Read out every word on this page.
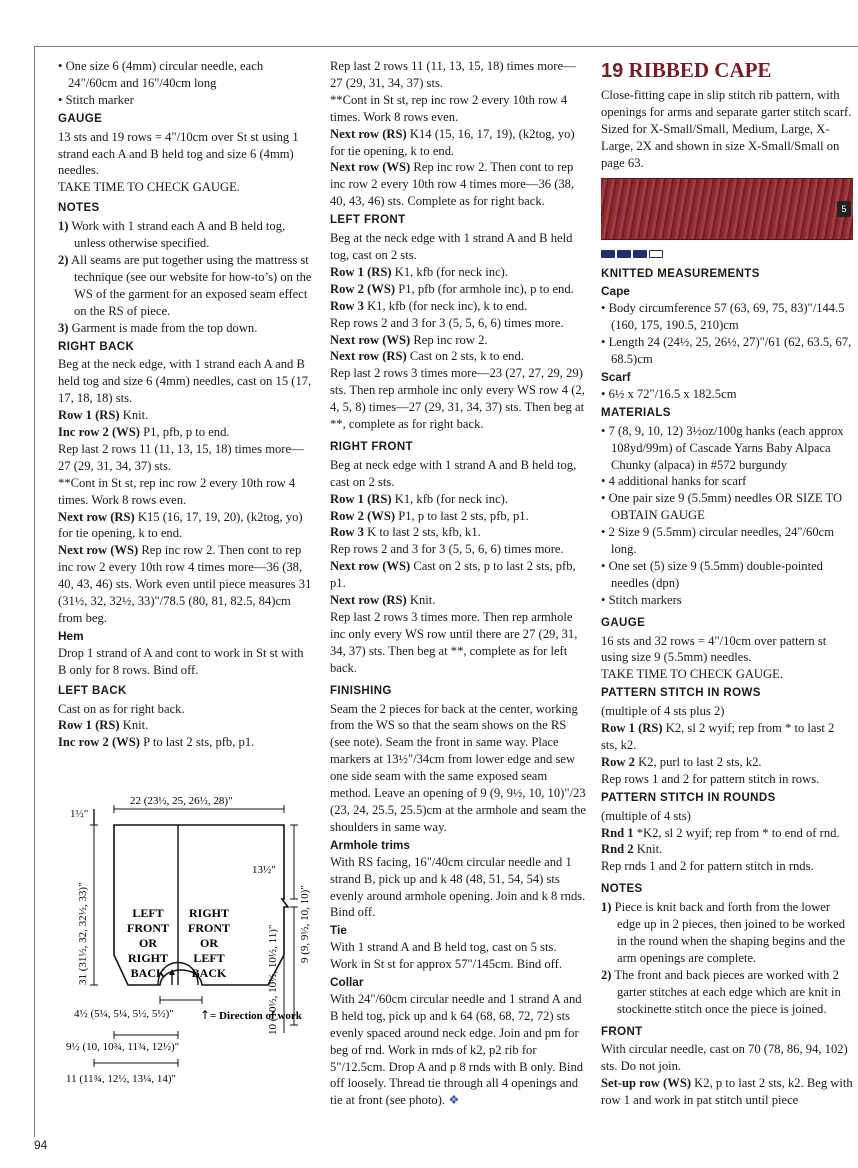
• One size 6 (4mm) circular needle, each 24"/60cm and 16"/40cm long

• Stitch marker

GAUGE

13 sts and 19 rows = 4"/10cm over St st using 1 strand each A and B held tog and size 6 (4mm) needles.

TAKE TIME TO CHECK GAUGE.

NOTES

1) Work with 1 strand each A and B held tog, unless otherwise specified.

2) All seams are put together using the mattress st technique (see our website for how-to’s) on the WS of the garment for an exposed seam effect on the RS of piece.

3) Garment is made from the top down.

RIGHT BACK

Beg at the neck edge, with 1 strand each A and B held tog and size 6 (4mm) needles, cast on 15 (17, 17, 18, 18) sts.

Row 1 (RS) Knit.

Inc row 2 (WS) P1, pfb, p to end.

Rep last 2 rows 11 (11, 13, 15, 18) times more—27 (29, 31, 34, 37) sts.

**Cont in St st, rep inc row 2 every 10th row 4 times. Work 8 rows even.

Next row (RS) K15 (16, 17, 19, 20), (k2tog, yo) for tie opening, k to end.

Next row (WS) Rep inc row 2. Then cont to rep inc row 2 every 10th row 4 times more—36 (38, 40, 43, 46) sts. Work even until piece measures 31 (31½, 32, 32½, 33)"/78.5 (80, 81, 82.5, 84)cm from beg.

Hem

Drop 1 strand of A and cont to work in St st with B only for 8 rows. Bind off.

LEFT BACK

Cast on as for right back.

Row 1 (RS) Knit.

Inc row 2 (WS) P to last 2 sts, pfb, p1.

22 (23½, 25, 26½, 28)"
1½"
31 (31½, 32, 32½, 33)"
13½"
9 (9, 9½, 10, 10)"
10 (10½, 10½, 10½, 11)"
LEFT
FRONT
OR
RIGHT
BACK
RIGHT
FRONT
OR
LEFT
BACK
4½ (5¼, 5¼, 5½, 5½)" ↑ = Direction of work
9½ (10, 10¾, 11¾, 12½)"
11 (11¾, 12½, 13¼, 14)"

Rep last 2 rows 11 (11, 13, 15, 18) times more—27 (29, 31, 34, 37) sts.

**Cont in St st, rep inc row 2 every 10th row 4 times. Work 8 rows even.

Next row (RS) K14 (15, 16, 17, 19), (k2tog, yo) for tie opening, k to end.

Next row (WS) Rep inc row 2. Then cont to rep inc row 2 every 10th row 4 times more—36 (38, 40, 43, 46) sts. Complete as for right back.

LEFT FRONT

Beg at the neck edge with 1 strand A and B held tog, cast on 2 sts.

Row 1 (RS) K1, kfb (for neck inc).

Row 2 (WS) P1, pfb (for armhole inc), p to end.

Row 3 K1, kfb (for neck inc), k to end.

Rep rows 2 and 3 for 3 (5, 5, 6, 6) times more.

Next row (WS) Rep inc row 2.

Next row (RS) Cast on 2 sts, k to end.

Rep last 2 rows 3 times more—23 (27, 27, 29, 29) sts. Then rep armhole inc only every WS row 4 (2, 4, 5, 8) times—27 (29, 31, 34, 37) sts. Then beg at **, complete as for right back.

RIGHT FRONT

Beg at neck edge with 1 strand A and B held tog, cast on 2 sts.

Row 1 (RS) K1, kfb (for neck inc).

Row 2 (WS) P1, p to last 2 sts, pfb, p1.

Row 3 K to last 2 sts, kfb, k1.

Rep rows 2 and 3 for 3 (5, 5, 6, 6) times more.

Next row (WS) Cast on 2 sts, p to last 2 sts, pfb, p1.

Next row (RS) Knit.

Rep last 2 rows 3 times more. Then rep armhole inc only every WS row until there are 27 (29, 31, 34, 37) sts. Then beg at **, complete as for left back.

FINISHING

Seam the 2 pieces for back at the center, working from the WS so that the seam shows on the RS (see note). Seam the front in same way. Place markers at 13½"/34cm from lower edge and sew one side seam with the same exposed seam method. Leave an opening of 9 (9, 9½, 10, 10)"/23 (23, 24, 25.5, 25.5)cm at the armhole and seam the shoulders in same way.

Armhole trims

With RS facing, 16"/40cm circular needle and 1 strand B, pick up and k 48 (48, 51, 54, 54) sts evenly around armhole opening. Join and k 8 rnds. Bind off.

Tie

With 1 strand A and B held tog, cast on 5 sts. Work in St st for approx 57"/145cm. Bind off.

Collar

With 24"/60cm circular needle and 1 strand A and B held tog, pick up and k 64 (68, 68, 72, 72) sts evenly spaced around neck edge. Join and pm for beg of rnd. Work in rnds of k2, p2 rib for 5"/12.5cm. Drop A and p 8 rnds with B only. Bind off loosely. Thread tie through all 4 openings and tie at front (see photo). ❖

19 RIBBED CAPE

Close-fitting cape in slip stitch rib pattern, with openings for arms and separate garter stitch scarf. Sized for X-Small/Small, Medium, Large, X-Large, 2X and shown in size X-Small/Small on page 63.

5

KNITTED MEASUREMENTS

Cape

• Body circumference 57 (63, 69, 75, 83)"/144.5 (160, 175, 190.5, 210)cm

• Length 24 (24½, 25, 26½, 27)"/61 (62, 63.5, 67, 68.5)cm

Scarf

• 6½ x 72"/16.5 x 182.5cm

MATERIALS

• 7 (8, 9, 10, 12) 3½oz/100g hanks (each approx 108yd/99m) of Cascade Yarns Baby Alpaca Chunky (alpaca) in #572 burgundy

• 4 additional hanks for scarf

• One pair size 9 (5.5mm) needles OR SIZE TO OBTAIN GAUGE

• 2 Size 9 (5.5mm) circular needles, 24"/60cm long.

• One set (5) size 9 (5.5mm) double-pointed needles (dpn)

• Stitch markers

GAUGE

16 sts and 32 rows = 4"/10cm over pattern st using size 9 (5.5mm) needles.

TAKE TIME TO CHECK GAUGE.

PATTERN STITCH IN ROWS

(multiple of 4 sts plus 2)

Row 1 (RS) K2, sl 2 wyif; rep from * to last 2 sts, k2.

Row 2 K2, purl to last 2 sts, k2.

Rep rows 1 and 2 for pattern stitch in rows.

PATTERN STITCH IN ROUNDS

(multiple of 4 sts)

Rnd 1 *K2, sl 2 wyif; rep from * to end of rnd.

Rnd 2 Knit.

Rep rnds 1 and 2 for pattern stitch in rnds.

NOTES

1) Piece is knit back and forth from the lower edge up in 2 pieces, then joined to be worked in the round when the shaping begins and the arm openings are complete.

2) The front and back pieces are worked with 2 garter stitches at each edge which are knit in stockinette stitch once the piece is joined.

FRONT

With circular needle, cast on 70 (78, 86, 94, 102) sts. Do not join.

Set-up row (WS) K2, p to last 2 sts, k2. Beg with row 1 and work in pat stitch until piece

94
